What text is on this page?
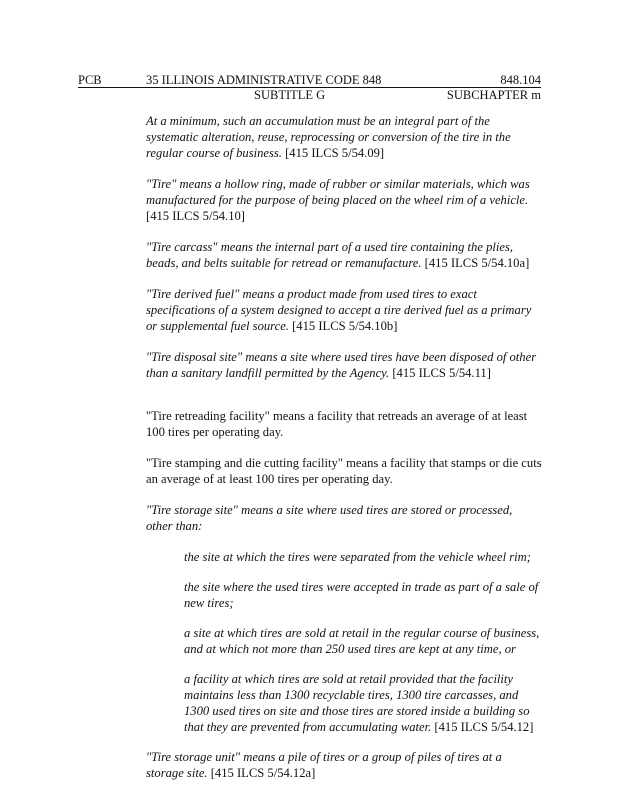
PCB	35 ILLINOIS ADMINISTRATIVE CODE 848	848.104
SUBTITLE G	SUBCHAPTER m

At a minimum, such an accumulation must be an integral part of the systematic alteration, reuse, reprocessing or conversion of the tire in the regular course of business. [415 ILCS 5/54.09]

"Tire" means a hollow ring, made of rubber or similar materials, which was manufactured for the purpose of being placed on the wheel rim of a vehicle. [415 ILCS 5/54.10]

"Tire carcass" means the internal part of a used tire containing the plies, beads, and belts suitable for retread or remanufacture. [415 ILCS 5/54.10a]

"Tire derived fuel" means a product made from used tires to exact specifications of a system designed to accept a tire derived fuel as a primary or supplemental fuel source. [415 ILCS 5/54.10b]

"Tire disposal site" means a site where used tires have been disposed of other than a sanitary landfill permitted by the Agency. [415 ILCS 5/54.11]

"Tire retreading facility" means a facility that retreads an average of at least 100 tires per operating day.

"Tire stamping and die cutting facility" means a facility that stamps or die cuts an average of at least 100 tires per operating day.

"Tire storage site" means a site where used tires are stored or processed, other than:

the site at which the tires were separated from the vehicle wheel rim;

the site where the used tires were accepted in trade as part of a sale of new tires;

a site at which tires are sold at retail in the regular course of business, and at which not more than 250 used tires are kept at any time, or

a facility at which tires are sold at retail provided that the facility maintains less than 1300 recyclable tires, 1300 tire carcasses, and 1300 used tires on site and those tires are stored inside a building so that they are prevented from accumulating water. [415 ILCS 5/54.12]

"Tire storage unit" means a pile of tires or a group of piles of tires at a storage site. [415 ILCS 5/54.12a]
